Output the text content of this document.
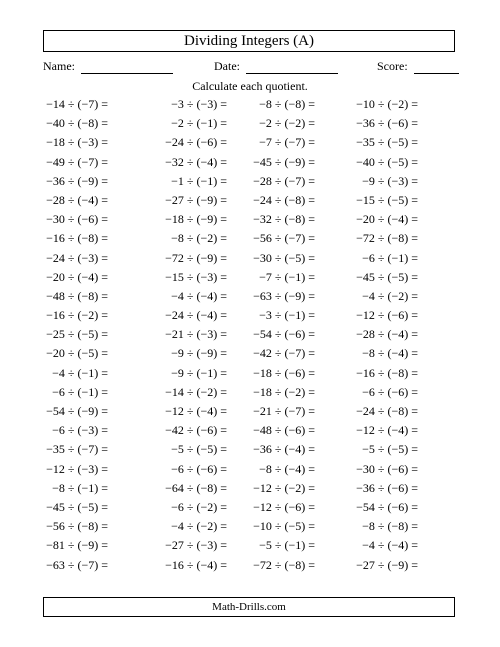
Dividing Integers (A)
Name:	Date:	Score:
Calculate each quotient.
−14 ÷ (−7) =	−3 ÷ (−3) =	−8 ÷ (−8) =	−10 ÷ (−2) =
−40 ÷ (−8) =	−2 ÷ (−1) =	−2 ÷ (−2) =	−36 ÷ (−6) =
−18 ÷ (−3) =	−24 ÷ (−6) =	−7 ÷ (−7) =	−35 ÷ (−5) =
−49 ÷ (−7) =	−32 ÷ (−4) =	−45 ÷ (−9) =	−40 ÷ (−5) =
−36 ÷ (−9) =	−1 ÷ (−1) =	−28 ÷ (−7) =	−9 ÷ (−3) =
−28 ÷ (−4) =	−27 ÷ (−9) =	−24 ÷ (−8) =	−15 ÷ (−5) =
−30 ÷ (−6) =	−18 ÷ (−9) =	−32 ÷ (−8) =	−20 ÷ (−4) =
−16 ÷ (−8) =	−8 ÷ (−2) =	−56 ÷ (−7) =	−72 ÷ (−8) =
−24 ÷ (−3) =	−72 ÷ (−9) =	−30 ÷ (−5) =	−6 ÷ (−1) =
−20 ÷ (−4) =	−15 ÷ (−3) =	−7 ÷ (−1) =	−45 ÷ (−5) =
−48 ÷ (−8) =	−4 ÷ (−4) =	−63 ÷ (−9) =	−4 ÷ (−2) =
−16 ÷ (−2) =	−24 ÷ (−4) =	−3 ÷ (−1) =	−12 ÷ (−6) =
−25 ÷ (−5) =	−21 ÷ (−3) =	−54 ÷ (−6) =	−28 ÷ (−4) =
−20 ÷ (−5) =	−9 ÷ (−9) =	−42 ÷ (−7) =	−8 ÷ (−4) =
−4 ÷ (−1) =	−9 ÷ (−1) =	−18 ÷ (−6) =	−16 ÷ (−8) =
−6 ÷ (−1) =	−14 ÷ (−2) =	−18 ÷ (−2) =	−6 ÷ (−6) =
−54 ÷ (−9) =	−12 ÷ (−4) =	−21 ÷ (−7) =	−24 ÷ (−8) =
−6 ÷ (−3) =	−42 ÷ (−6) =	−48 ÷ (−6) =	−12 ÷ (−4) =
−35 ÷ (−7) =	−5 ÷ (−5) =	−36 ÷ (−4) =	−5 ÷ (−5) =
−12 ÷ (−3) =	−6 ÷ (−6) =	−8 ÷ (−4) =	−30 ÷ (−6) =
−8 ÷ (−1) =	−64 ÷ (−8) =	−12 ÷ (−2) =	−36 ÷ (−6) =
−45 ÷ (−5) =	−6 ÷ (−2) =	−12 ÷ (−6) =	−54 ÷ (−6) =
−56 ÷ (−8) =	−4 ÷ (−2) =	−10 ÷ (−5) =	−8 ÷ (−8) =
−81 ÷ (−9) =	−27 ÷ (−3) =	−5 ÷ (−1) =	−4 ÷ (−4) =
−63 ÷ (−7) =	−16 ÷ (−4) =	−72 ÷ (−8) =	−27 ÷ (−9) =
Math-Drills.com
